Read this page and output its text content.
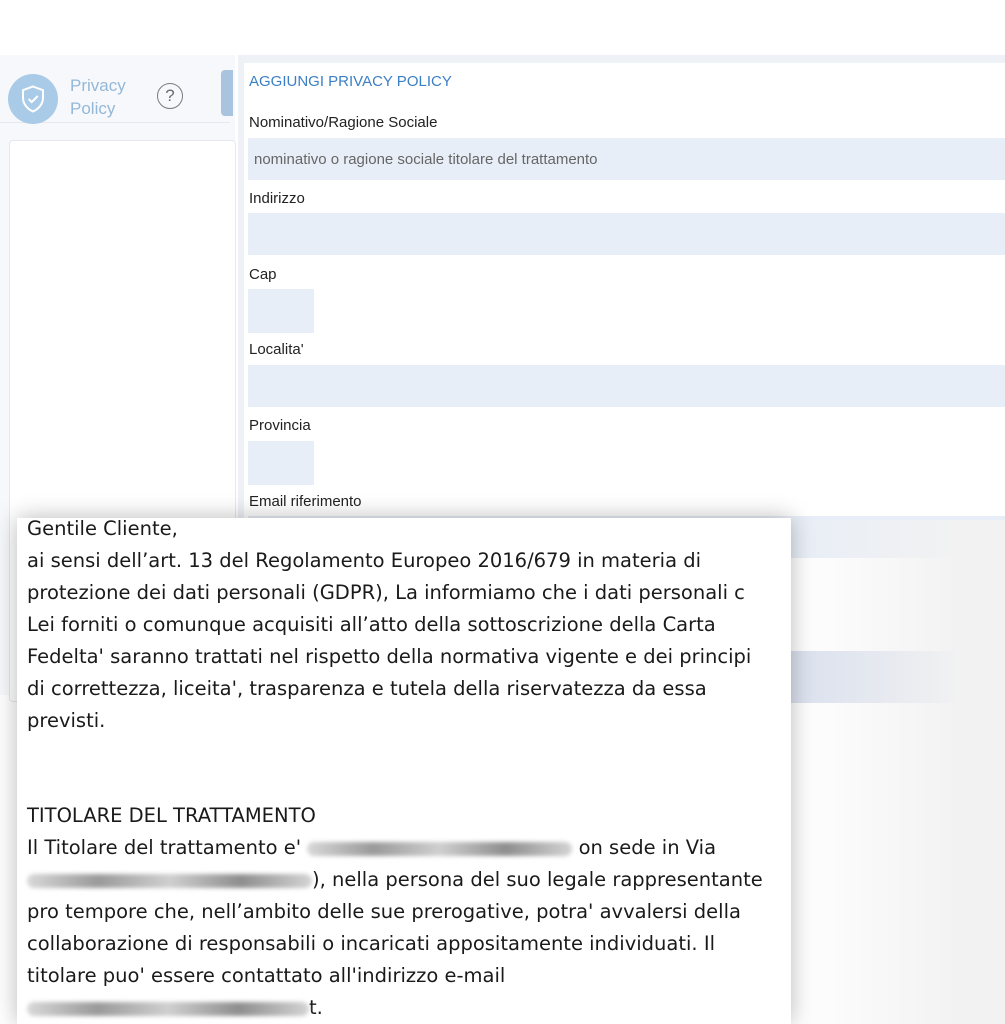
Privacy Policy
?
AGGIUNGI PRIVACY POLICY
Nominativo/Ragione Sociale
nominativo o ragione sociale titolare del trattamento
Indirizzo
Cap
Localita'
Provincia
Email riferimento

Gentile Cliente,

ai sensi dell’art. 13 del Regolamento Europeo 2016/679 in materia di

protezione dei dati personali (GDPR), La informiamo che i dati personali c

Lei forniti o comunque acquisiti all’atto della sottoscrizione della Carta

Fedelta' saranno trattati nel rispetto della normativa vigente e dei principi

di correttezza, liceita', trasparenza e tutela della riservatezza da essa

previsti.

TITOLARE DEL TRATTAMENTO

Il Titolare del trattamento e'	on sede in Via

), nella persona del suo legale rappresentante

pro tempore che, nell’ambito delle sue prerogative, potra' avvalersi della

collaborazione di responsabili o incaricati appositamente individuati. Il

titolare puo' essere contattato all'indirizzo e-mail

t.
